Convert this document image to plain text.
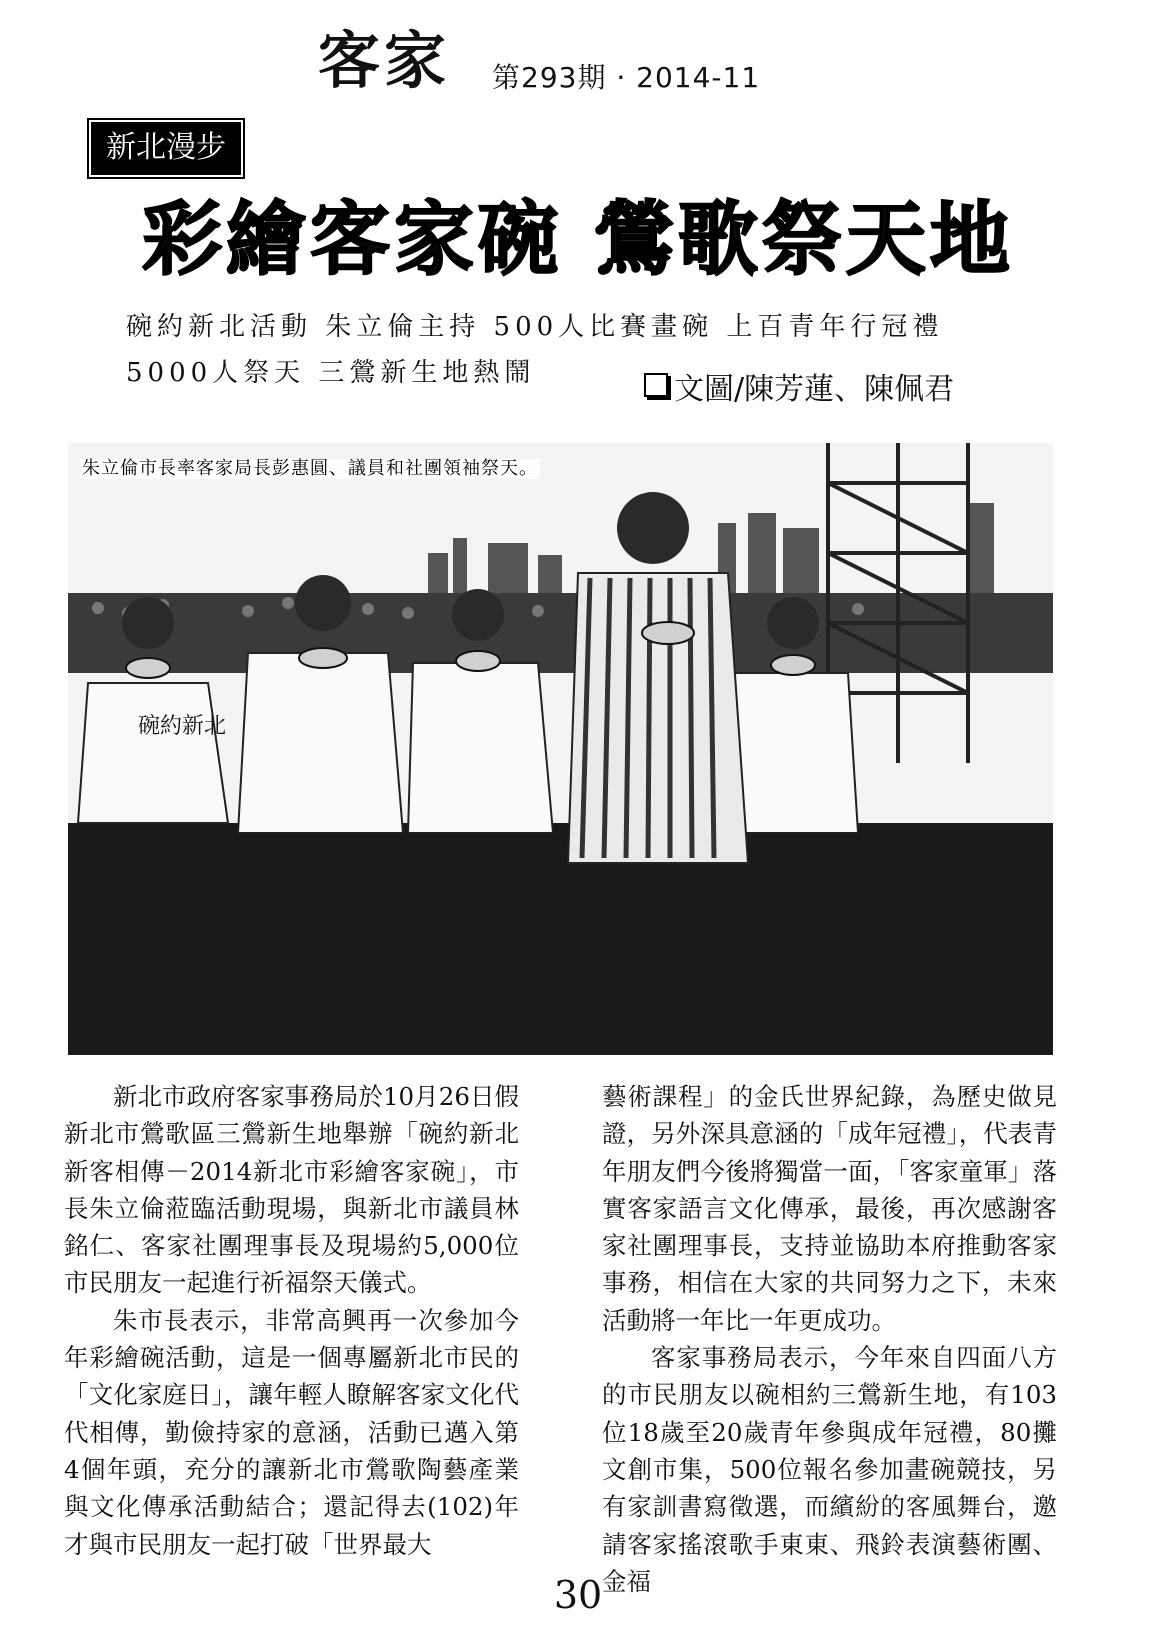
客家 第293期 · 2014-11
新北漫步
彩繪客家碗 鶯歌祭天地
碗約新北活動 朱立倫主持 500人比賽畫碗 上百青年行冠禮
5000人祭天 三鶯新生地熱鬧	文圖/陳芳蓮、陳佩君
碗約新北
朱立倫市長率客家局長彭惠圓、議員和社團領袖祭天。

新北市政府客家事務局於10月26日假新北市鶯歌區三鶯新生地舉辦「碗約新北新客相傳－2014新北市彩繪客家碗」，市長朱立倫蒞臨活動現場，與新北市議員林銘仁、客家社團理事長及現場約5,000位市民朋友一起進行祈福祭天儀式。

朱市長表示，非常高興再一次參加今年彩繪碗活動，這是一個專屬新北市民的「文化家庭日」，讓年輕人瞭解客家文化代代相傳，勤儉持家的意涵，活動已邁入第4個年頭，充分的讓新北市鶯歌陶藝產業與文化傳承活動結合；還記得去(102)年才與市民朋友一起打破「世界最大

藝術課程」的金氏世界紀錄，為歷史做見證，另外深具意涵的「成年冠禮」，代表青年朋友們今後將獨當一面，「客家童軍」落實客家語言文化傳承，最後，再次感謝客家社團理事長，支持並協助本府推動客家事務，相信在大家的共同努力之下，未來活動將一年比一年更成功。

客家事務局表示，今年來自四面八方的市民朋友以碗相約三鶯新生地，有103位18歲至20歲青年參與成年冠禮，80攤文創市集，500位報名參加畫碗競技，另有家訓書寫徵選，而繽紛的客風舞台，邀請客家搖滾歌手東東、飛鈴表演藝術團、金福

30
